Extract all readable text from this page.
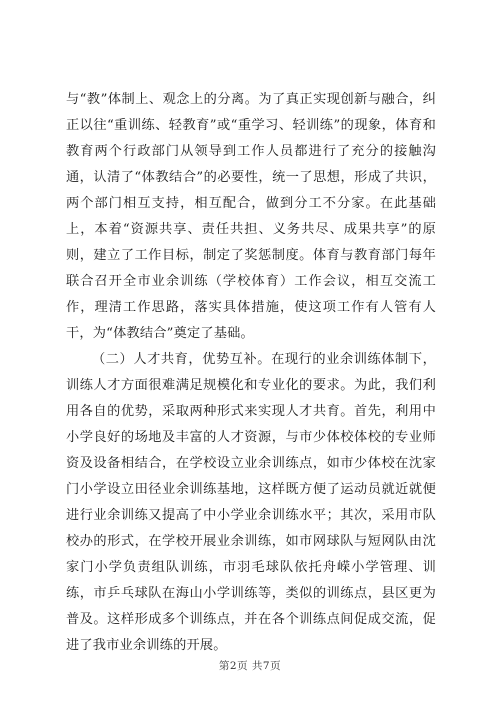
与“教”体制上、观念上的分离。为了真正实现创新与融合，纠正以往“重训练、轻教育”或“重学习、轻训练”的现象，体育和教育两个行政部门从领导到工作人员都进行了充分的接触沟通，认清了“体教结合”的必要性，统一了思想，形成了共识，两个部门相互支持，相互配合，做到分工不分家。在此基础上，本着“资源共享、责任共担、义务共尽、成果共享”的原则，建立了工作目标，制定了奖惩制度。体育与教育部门每年联合召开全市业余训练（学校体育）工作会议，相互交流工作，理清工作思路，落实具体措施，使这项工作有人管有人干，为“体教结合”奠定了基础。

（二）人才共育，优势互补。在现行的业余训练体制下，训练人才方面很难满足规模化和专业化的要求。为此，我们利用各自的优势，采取两种形式来实现人才共育。首先，利用中小学良好的场地及丰富的人才资源，与市少体校体校的专业师资及设备相结合，在学校设立业余训练点，如市少体校在沈家门小学设立田径业余训练基地，这样既方便了运动员就近就便进行业余训练又提高了中小学业余训练水平；其次，采用市队校办的形式，在学校开展业余训练，如市网球队与短网队由沈家门小学负责组队训练，市羽毛球队依托舟嵘小学管理、训练，市乒乓球队在海山小学训练等，类似的训练点，县区更为普及。这样形成多个训练点，并在各个训练点间促成交流，促进了我市业余训练的开展。

第2页 共7页
